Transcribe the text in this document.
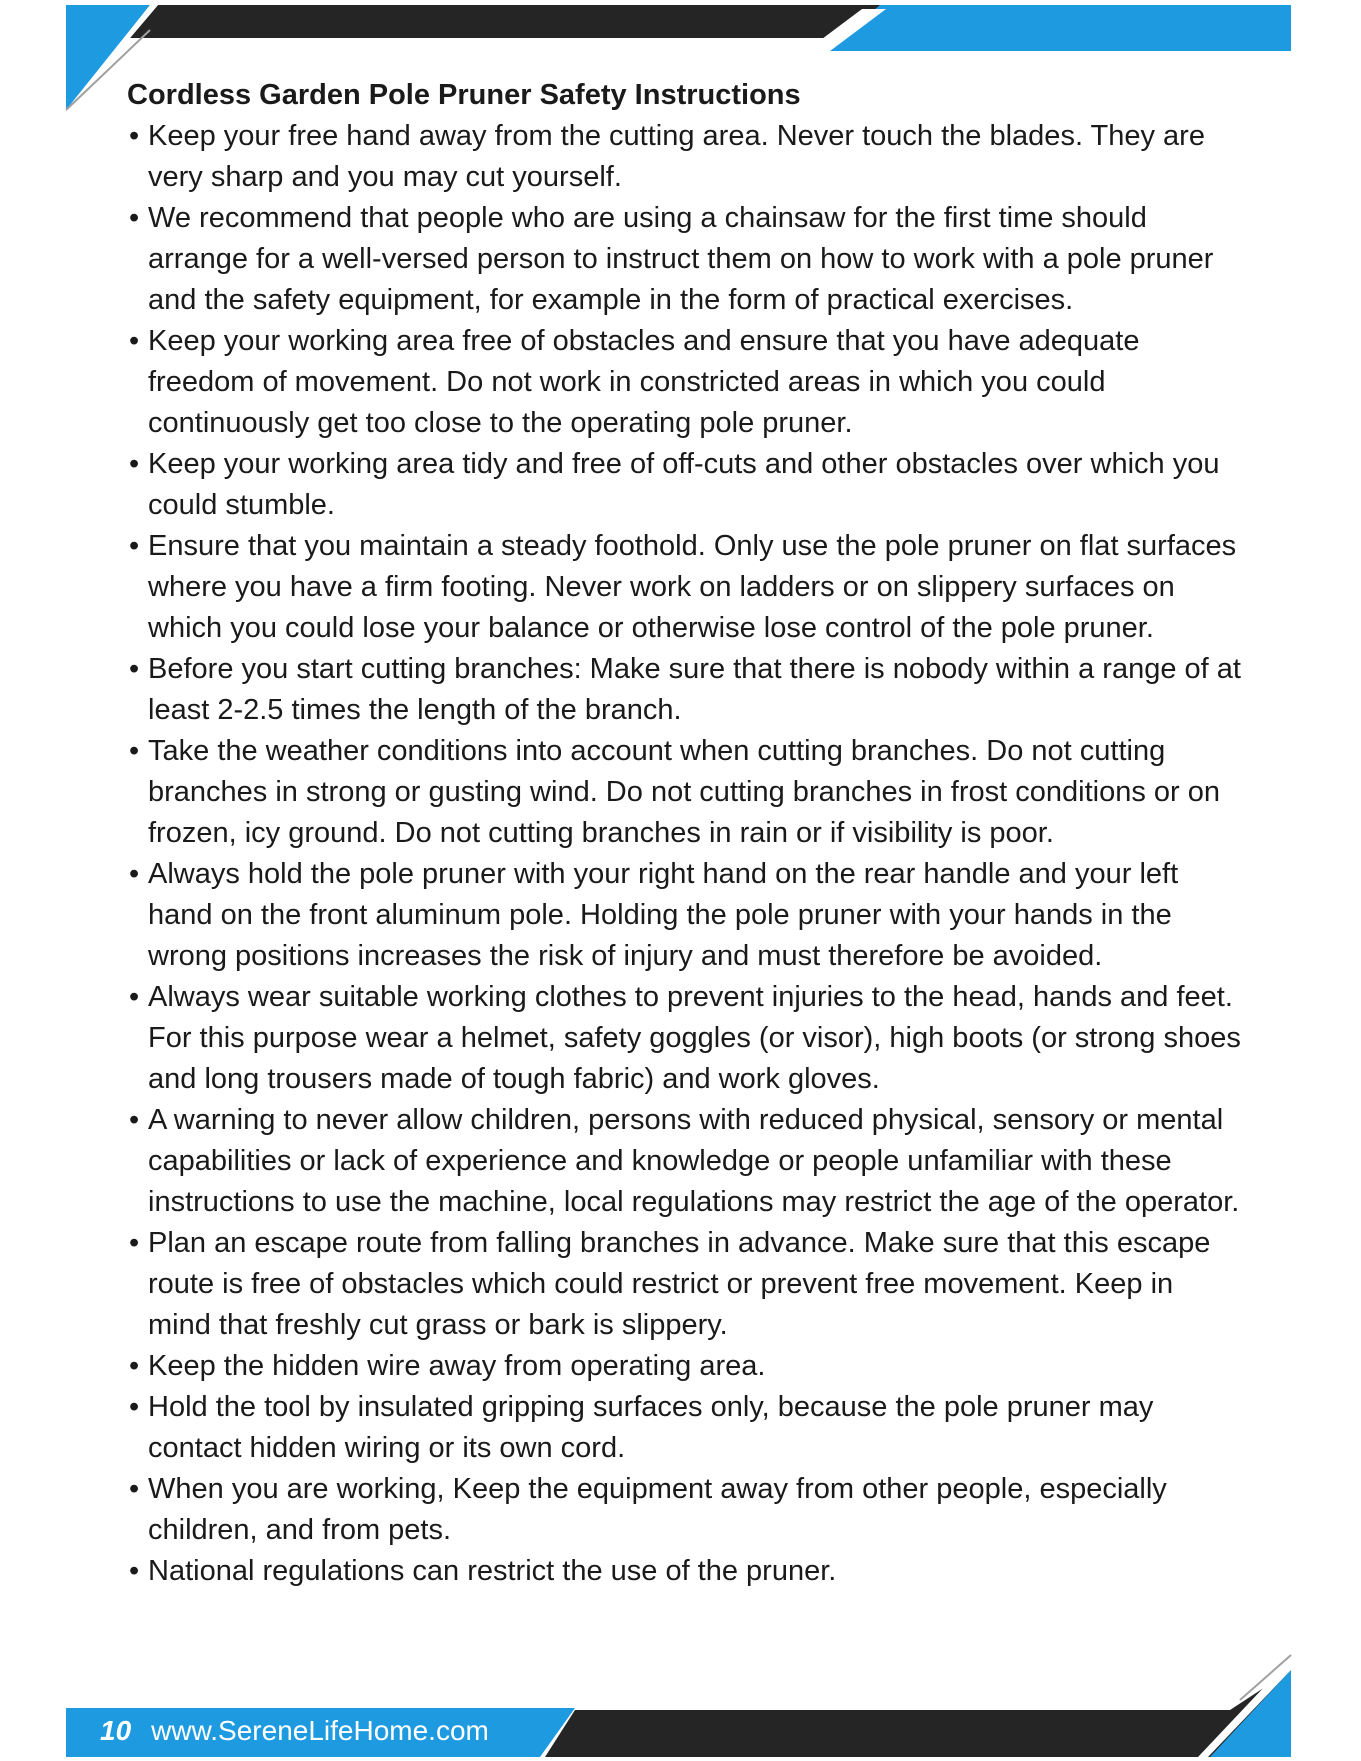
Cordless Garden Pole Pruner Safety Instructions
• Keep your free hand away from the cutting area. Never touch the blades. They are very sharp and you may cut yourself.
• We recommend that people who are using a chainsaw for the first time should arrange for a well-versed person to instruct them on how to work with a pole pruner and the safety equipment, for example in the form of practical exercises.
• Keep your working area free of obstacles and ensure that you have adequate freedom of movement. Do not work in constricted areas in which you could continuously get too close to the operating pole pruner.
• Keep your working area tidy and free of off-cuts and other obstacles over which you could stumble.
• Ensure that you maintain a steady foothold. Only use the pole pruner on flat surfaces where you have a firm footing. Never work on ladders or on slippery surfaces on which you could lose your balance or otherwise lose control of the pole pruner.
• Before you start cutting branches: Make sure that there is nobody within a range of at least 2-2.5 times the length of the branch.
• Take the weather conditions into account when cutting branches. Do not cutting branches in strong or gusting wind. Do not cutting branches in frost conditions or on frozen, icy ground. Do not cutting branches in rain or if visibility is poor.
• Always hold the pole pruner with your right hand on the rear handle and your left hand on the front aluminum pole. Holding the pole pruner with your hands in the wrong positions increases the risk of injury and must therefore be avoided.
• Always wear suitable working clothes to prevent injuries to the head, hands and feet. For this purpose wear a helmet, safety goggles (or visor), high boots (or strong shoes and long trousers made of tough fabric) and work gloves.
• A warning to never allow children, persons with reduced physical, sensory or mental capabilities or lack of experience and knowledge or people unfamiliar with these instructions to use the machine, local regulations may restrict the age of the operator.
• Plan an escape route from falling branches in advance. Make sure that this escape route is free of obstacles which could restrict or prevent free movement. Keep in mind that freshly cut grass or bark is slippery.
• Keep the hidden wire away from operating area.
• Hold the tool by insulated gripping surfaces only, because the pole pruner may contact hidden wiring or its own cord.
• When you are working, Keep the equipment away from other people, especially children, and from pets.
• National regulations can restrict the use of the pruner.
10 www.SereneLifeHome.com
